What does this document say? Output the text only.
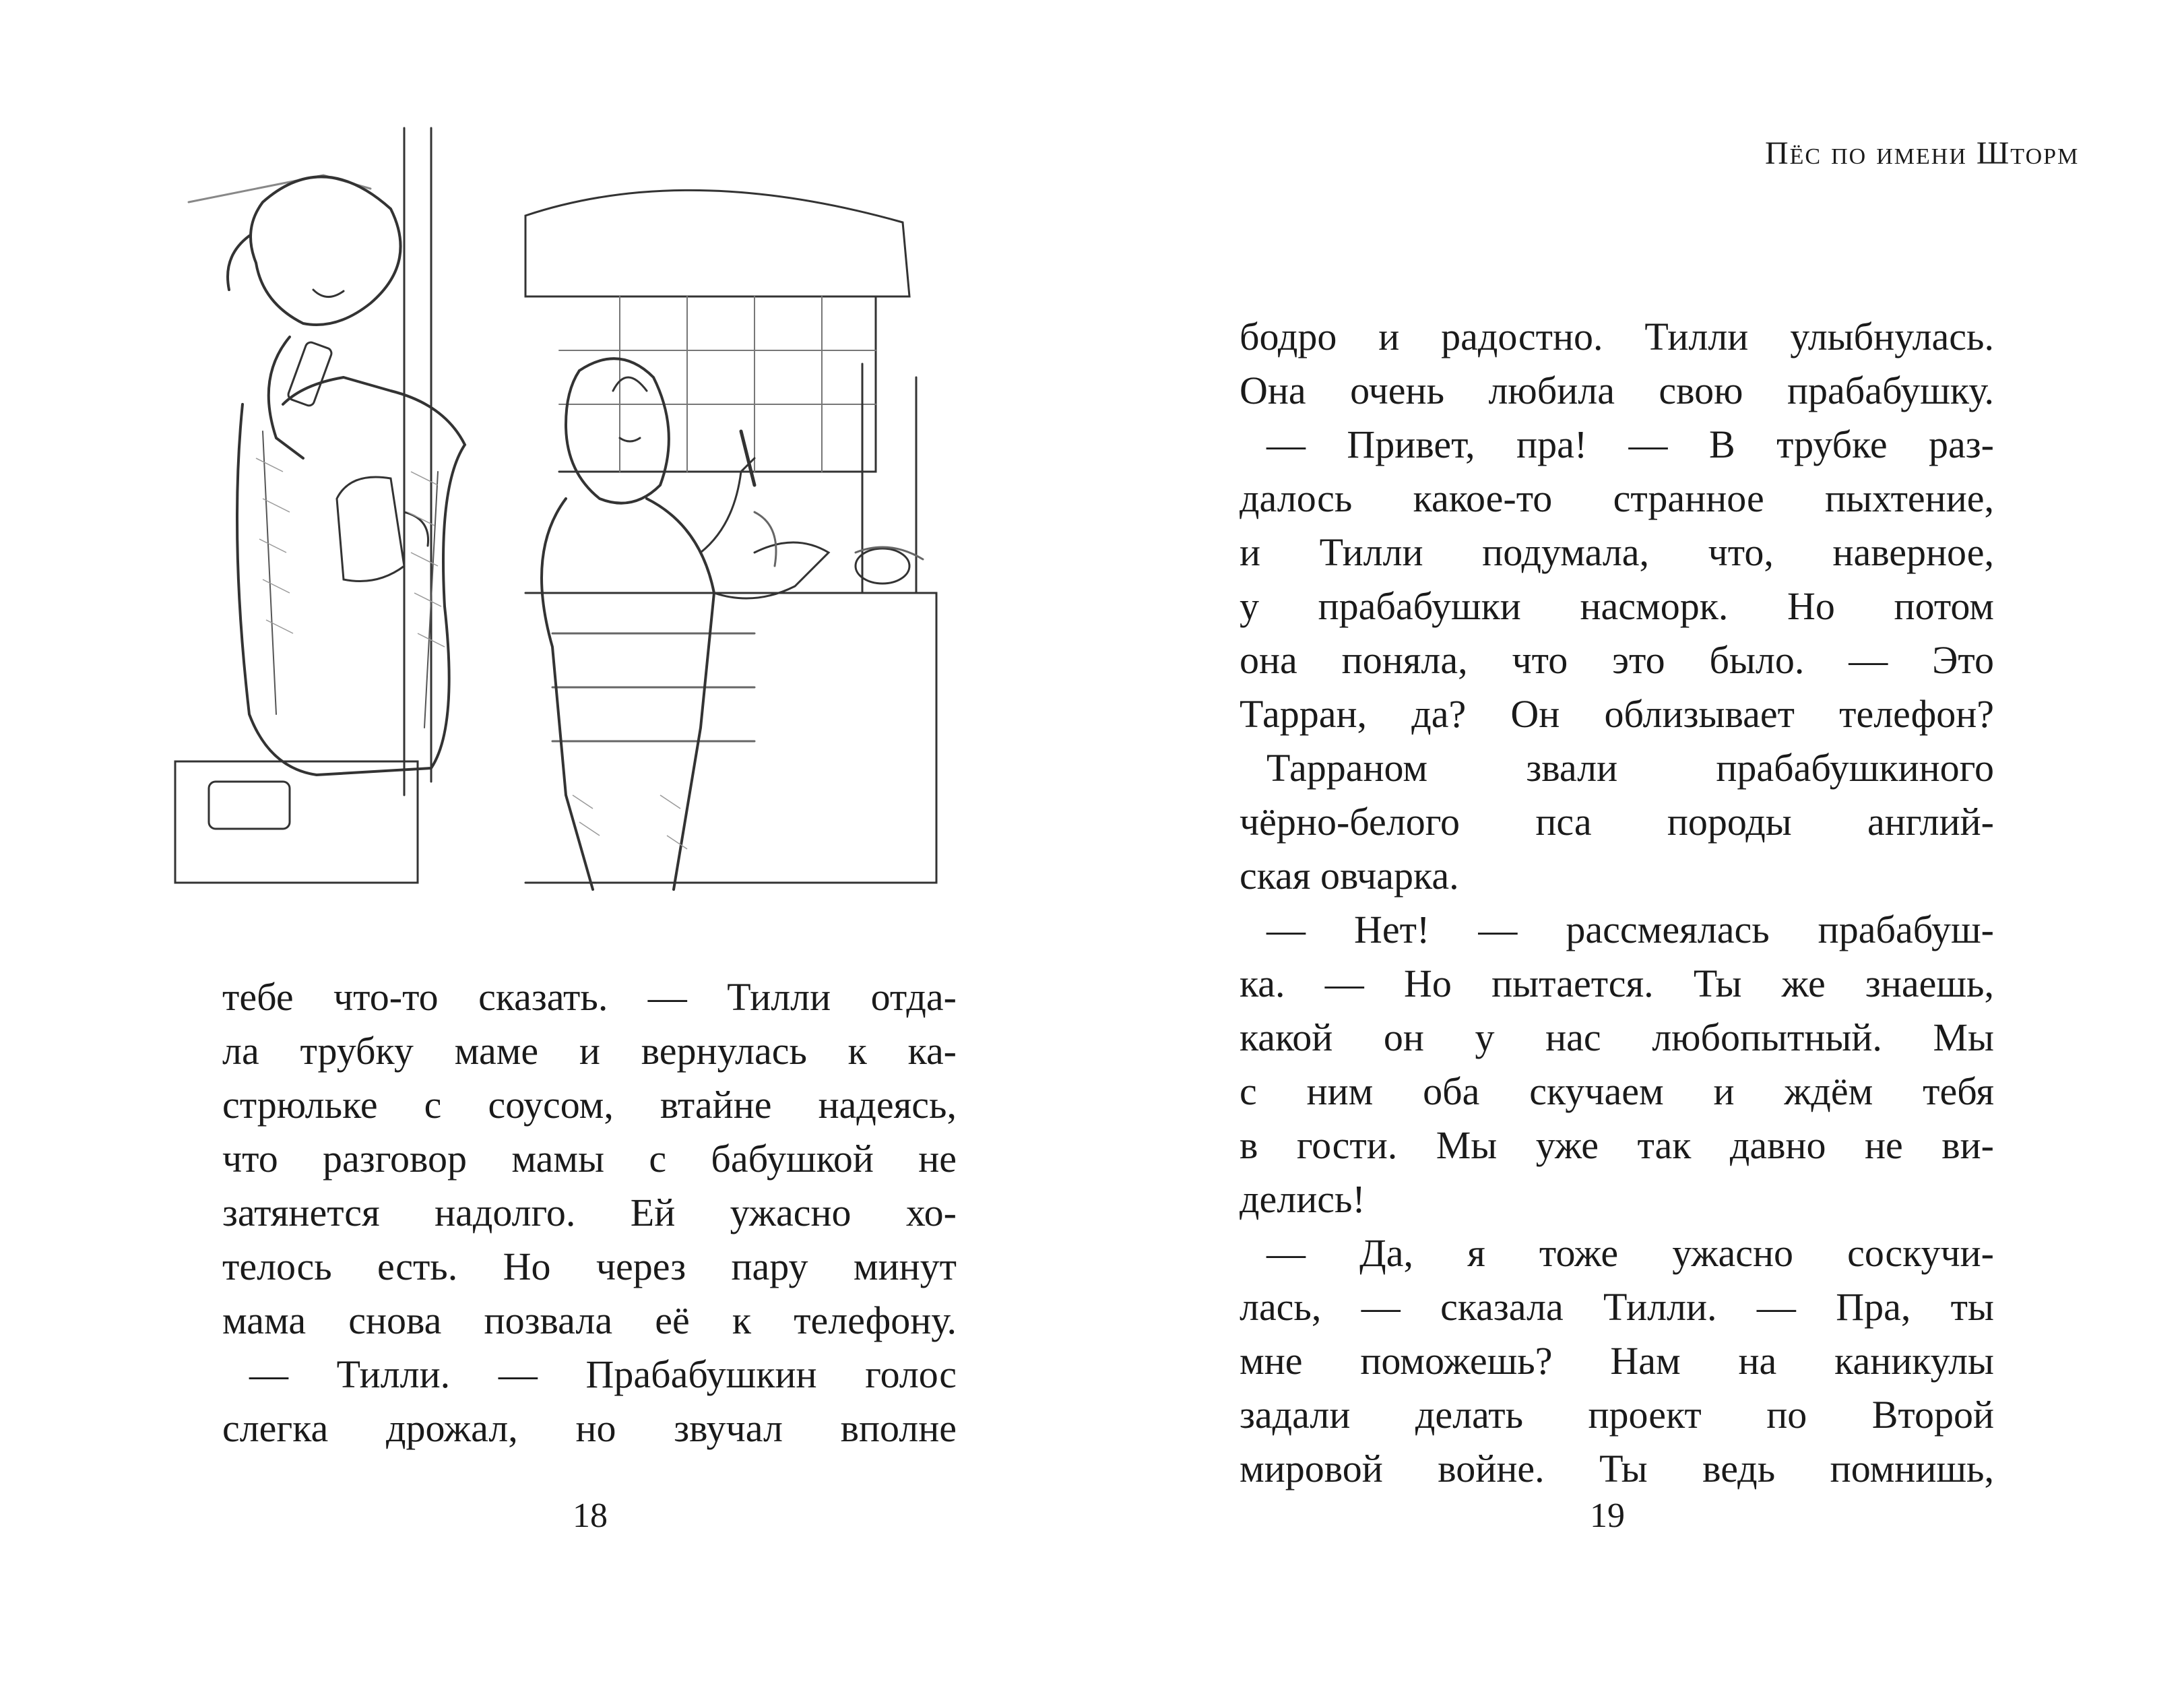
тебе что-то сказать. — Тилли отда-
ла трубку маме и вернулась к ка-
стрюльке с соусом, втайне надеясь,
что разговор мамы с бабушкой не
затянется надолго. Ей ужасно хо-
телось есть. Но через пару минут
мама снова позвала её к телефону.
— Тилли. — Прабабушкин голос
слегка дрожал, но звучал вполне
18
Пёс по имени Шторм
бодро и радостно. Тилли улыбнулась.
Она очень любила свою прабабушку.
— Привет, пра! — В трубке раз-
далось какое-то странное пыхтение,
и Тилли подумала, что, наверное,
у прабабушки насморк. Но потом
она поняла, что это было. — Это
Тарран, да? Он облизывает телефон?
Тарраном звали прабабушкиного
чёрно-белого пса породы англий-
ская овчарка.
— Нет! — рассмеялась прабабуш-
ка. — Но пытается. Ты же знаешь,
какой он у нас любопытный. Мы
с ним оба скучаем и ждём тебя
в гости. Мы уже так давно не ви-
делись!
— Да, я тоже ужасно соскучи-
лась, — сказала Тилли. — Пра, ты
мне поможешь? Нам на каникулы
задали делать проект по Второй
мировой войне. Ты ведь помнишь,
19
